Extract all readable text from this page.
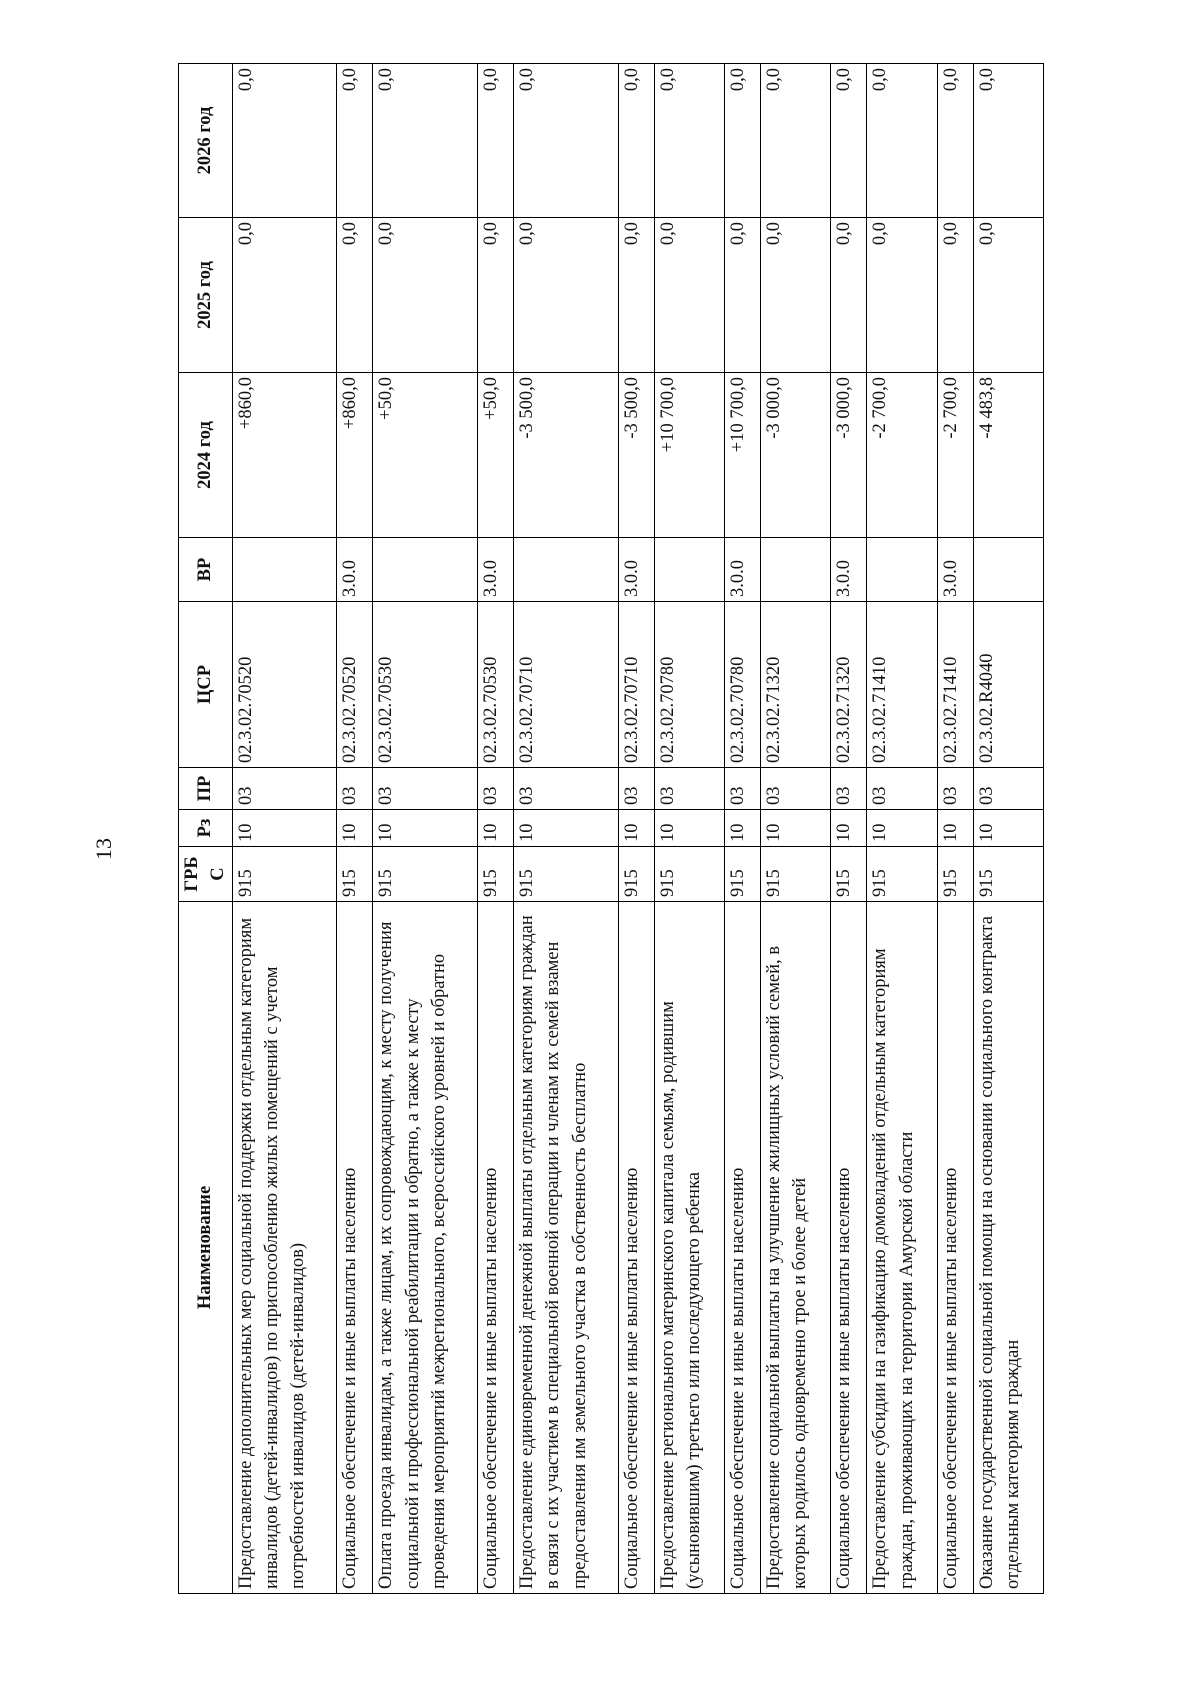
13
Наименование	ГРБС	Рз	ПР	ЦСР	ВР	2024 год	2025 год	2026 год
Предоставление дополнительных мер социальной поддержки отдельным категориям инвалидов (детей-инвалидов) по приспособлению жилых помещений с учетом потребностей инвалидов (детей-инвалидов)	915	10	03	02.3.02.70520		+860,0	0,0	0,0
Социальное обеспечение и иные выплаты населению	915	10	03	02.3.02.70520	3.0.0	+860,0	0,0	0,0
Оплата проезда инвалидам, а также лицам, их сопровождающим, к месту получения социальной и профессиональной реабилитации и обратно, а также к месту проведения мероприятий межрегионального, всероссийского уровней и обратно	915	10	03	02.3.02.70530		+50,0	0,0	0,0
Социальное обеспечение и иные выплаты населению	915	10	03	02.3.02.70530	3.0.0	+50,0	0,0	0,0
Предоставление единовременной денежной выплаты отдельным категориям граждан в связи с их участием в специальной военной операции и членам их семей взамен предоставления им земельного участка в собственность бесплатно	915	10	03	02.3.02.70710		-3 500,0	0,0	0,0
Социальное обеспечение и иные выплаты населению	915	10	03	02.3.02.70710	3.0.0	-3 500,0	0,0	0,0
Предоставление регионального материнского капитала семьям, родившим (усыновившим) третьего или последующего ребенка	915	10	03	02.3.02.70780		+10 700,0	0,0	0,0
Социальное обеспечение и иные выплаты населению	915	10	03	02.3.02.70780	3.0.0	+10 700,0	0,0	0,0
Предоставление социальной выплаты на улучшение жилищных условий семей, в которых родилось одновременно трое и более детей	915	10	03	02.3.02.71320		-3 000,0	0,0	0,0
Социальное обеспечение и иные выплаты населению	915	10	03	02.3.02.71320	3.0.0	-3 000,0	0,0	0,0
Предоставление субсидии на газификацию домовладений отдельным категориям граждан, проживающих на территории Амурской области	915	10	03	02.3.02.71410		-2 700,0	0,0	0,0
Социальное обеспечение и иные выплаты населению	915	10	03	02.3.02.71410	3.0.0	-2 700,0	0,0	0,0
Оказание государственной социальной помощи на основании социального контракта отдельным категориям граждан	915	10	03	02.3.02.R4040		-4 483,8	0,0	0,0
